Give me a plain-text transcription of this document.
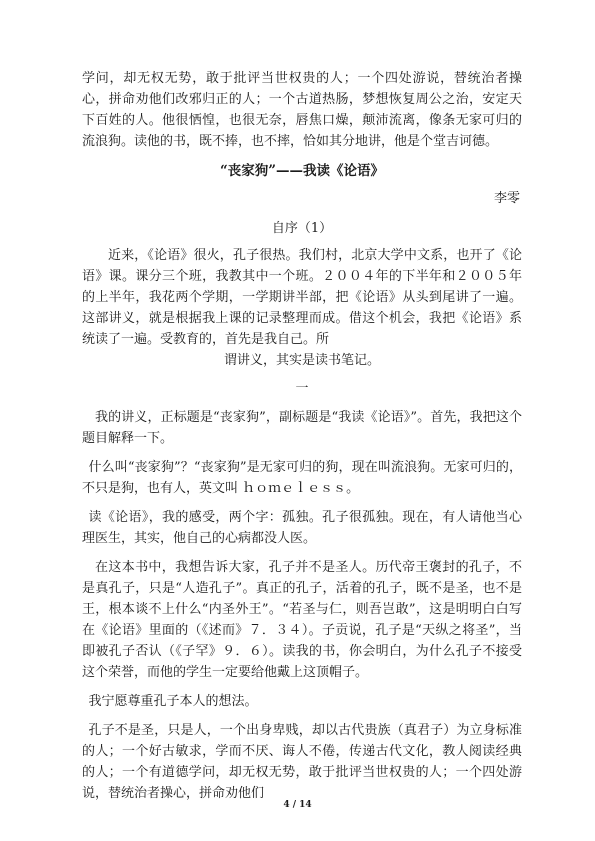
学问，却无权无势，敢于批评当世权贵的人；一个四处游说，替统治者操心，拼命劝他们改邪归正的人；一个古道热肠，梦想恢复周公之治，安定天下百姓的人。他很恓惶，也很无奈，唇焦口燥，颠沛流离，像条无家可归的流浪狗。读他的书，既不捧，也不摔，恰如其分地讲，他是个堂吉诃德。

“丧家狗”——我读《论语》
李零
自序（1）

近来，《论语》很火，孔子很热。我们村，北京大学中文系，也开了《论语》课。课分三个班，我教其中一个班。２００４年的下半年和２００５年的上半年，我花两个学期，一学期讲半部，把《论语》从头到尾讲了一遍。这部讲义，就是根据我上课的记录整理而成。借这个机会，我把《论语》系统读了一遍。受教育的，首先是我自己。所

谓讲义，其实是读书笔记。

一

我的讲义，正标题是“丧家狗”，副标题是“我读《论语》”。首先，我把这个题目解释一下。

什么叫“丧家狗”？“丧家狗”是无家可归的狗，现在叫流浪狗。无家可归的，不只是狗，也有人，英文叫 ｈｏｍｅｌｅｓｓ。

读《论语》，我的感受，两个字：孤独。孔子很孤独。现在，有人请他当心理医生，其实，他自己的心病都没人医。

在这本书中，我想告诉大家，孔子并不是圣人。历代帝王褒封的孔子，不是真孔子，只是“人造孔子”。真正的孔子，活着的孔子，既不是圣，也不是王，根本谈不上什么“内圣外王”。“若圣与仁，则吾岂敢”，这是明明白白写在《论语》里面的（《述而》７．３４）。子贡说，孔子是“天纵之将圣”，当即被孔子否认（《子罕》９．６）。读我的书，你会明白，为什么孔子不接受这个荣誉，而他的学生一定要给他戴上这顶帽子。

我宁愿尊重孔子本人的想法。

孔子不是圣，只是人，一个出身卑贱，却以古代贵族（真君子）为立身标准的人；一个好古敏求，学而不厌、诲人不倦，传递古代文化，教人阅读经典的人；一个有道德学问，却无权无势，敢于批评当世权贵的人；一个四处游说，替统治者操心，拼命劝他们

4 / 14
